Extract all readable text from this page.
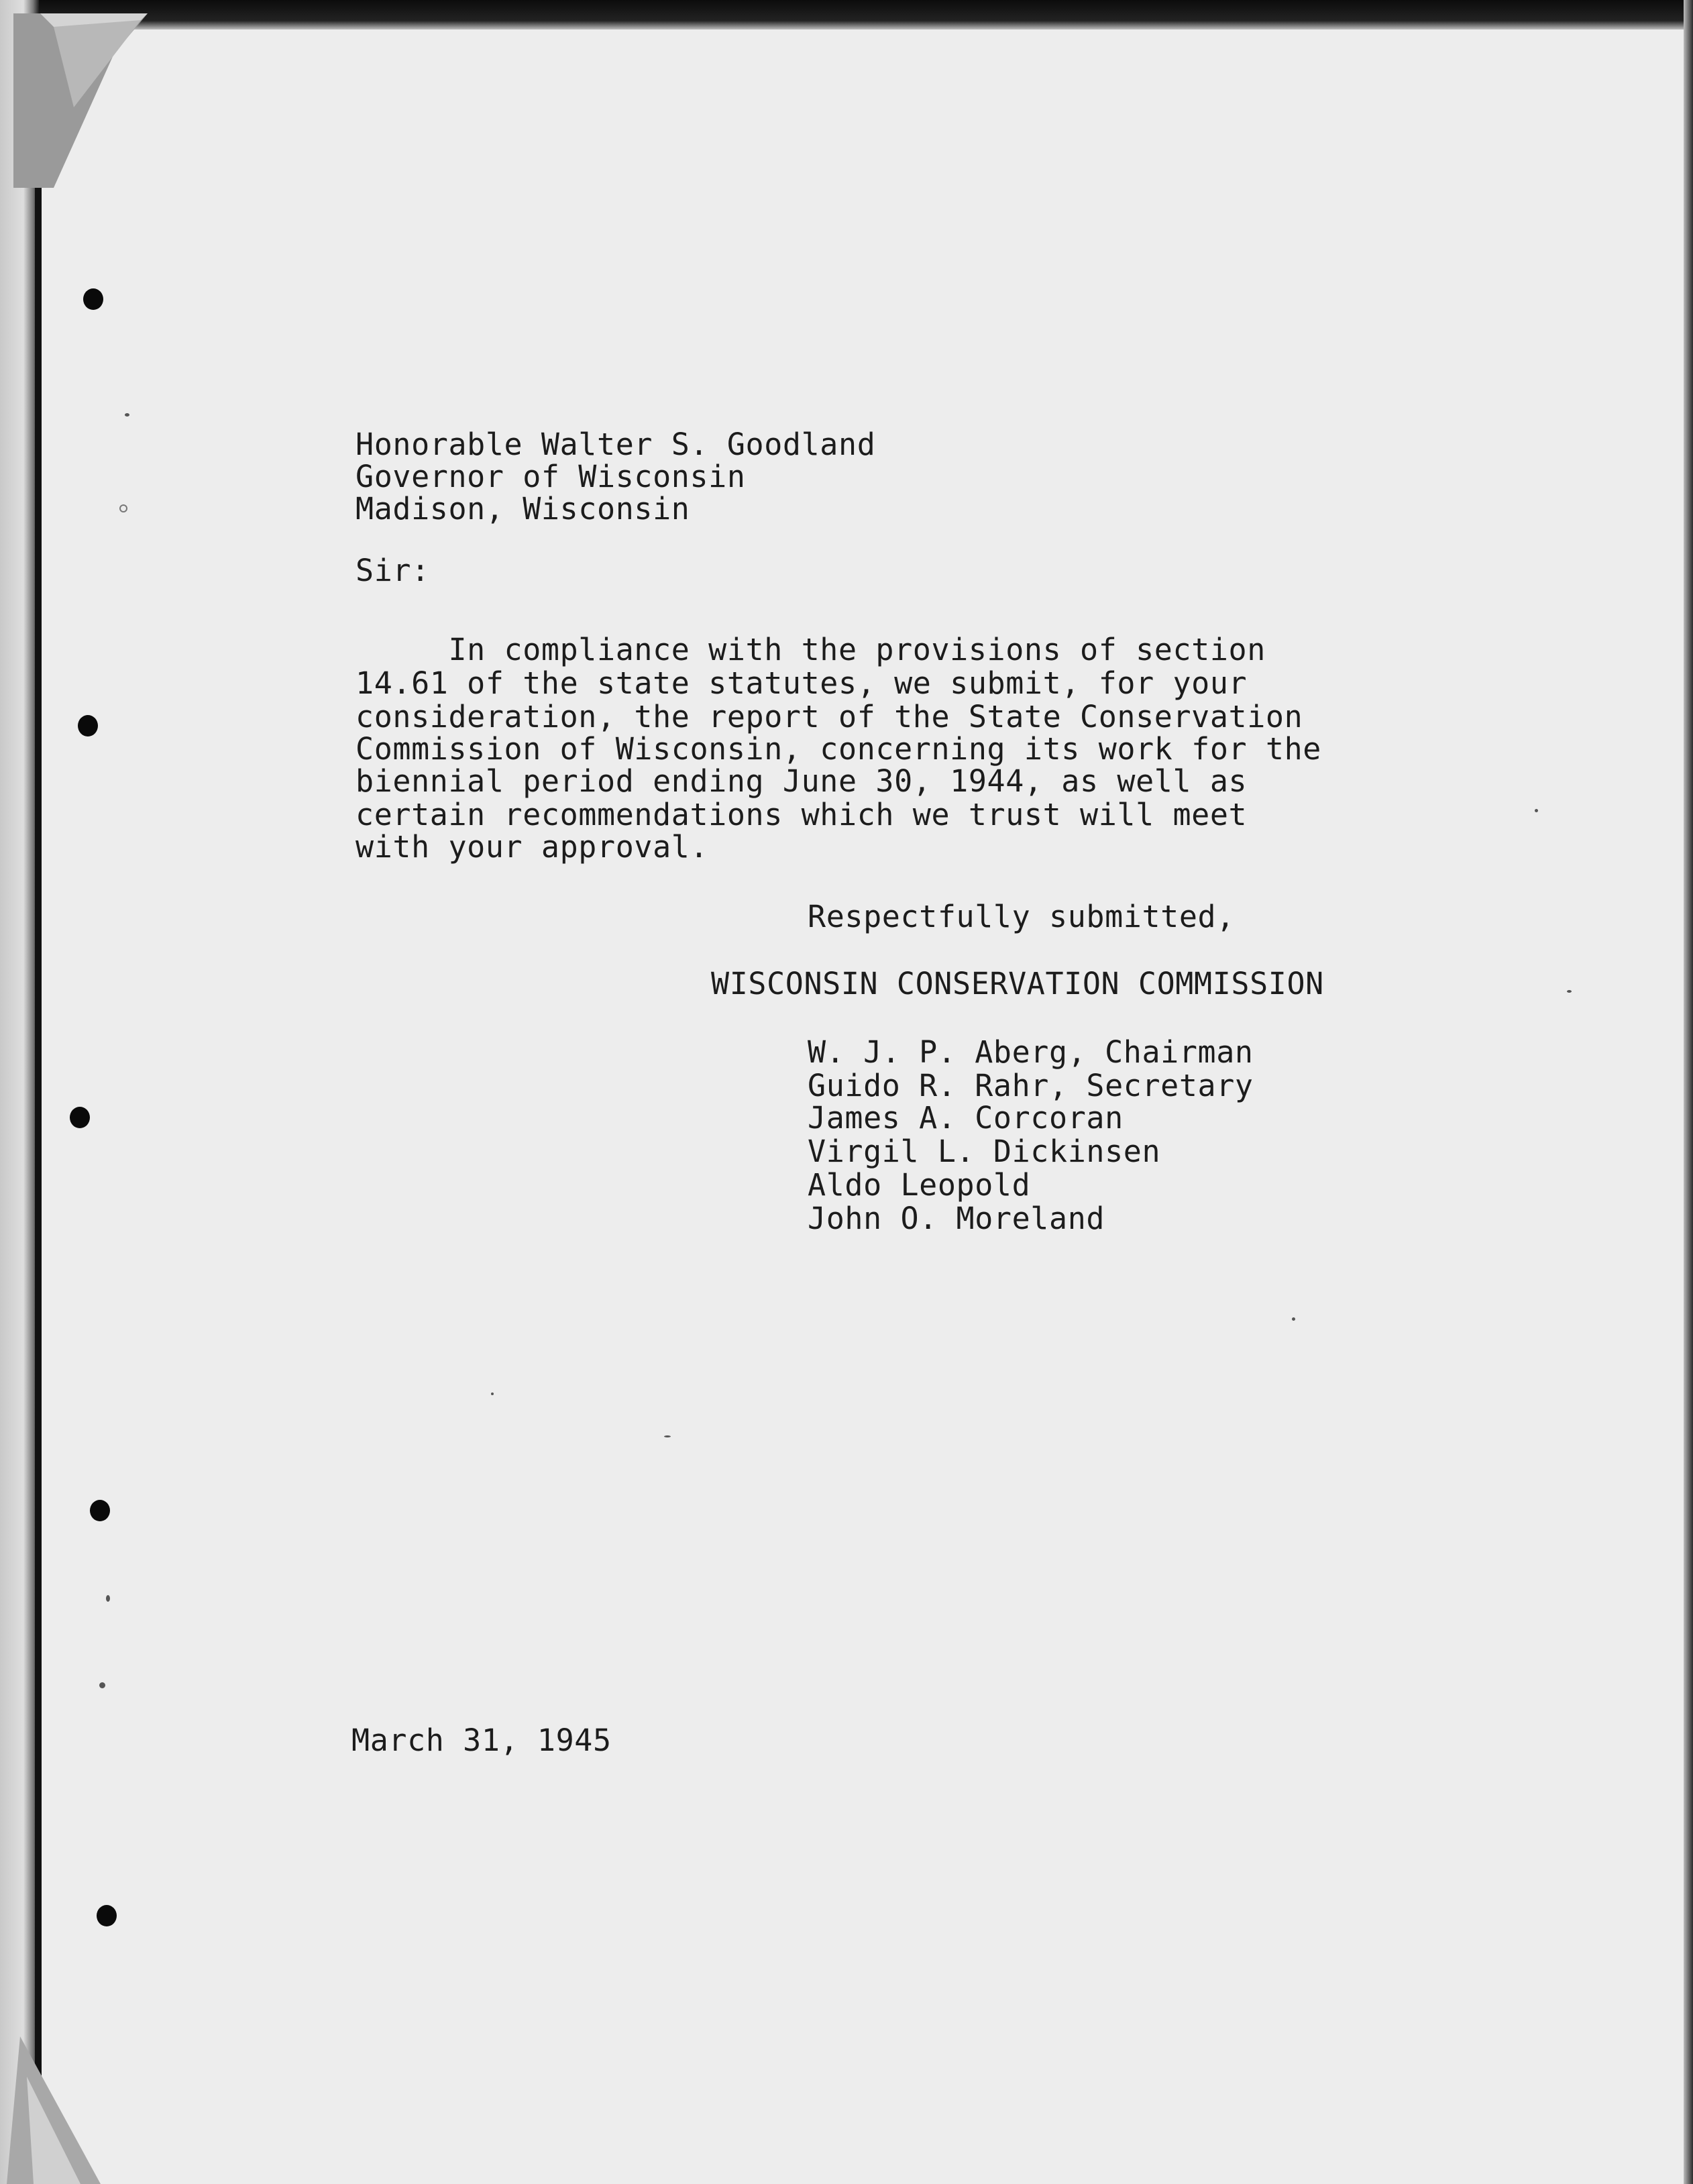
Honorable Walter S. Goodland
Governor of Wisconsin
Madison, Wisconsin
Sir:
In compliance with the provisions of section
14.61 of the state statutes, we submit, for your
consideration, the report of the State Conservation
Commission of Wisconsin, concerning its work for the
biennial period ending June 30, 1944, as well as
certain recommendations which we trust will meet
with your approval.
Respectfully submitted,
WISCONSIN CONSERVATION COMMISSION
W. J. P. Aberg, Chairman
Guido R. Rahr, Secretary
James A. Corcoran
Virgil L. Dickinsen
Aldo Leopold
John O. Moreland
March 31, 1945
